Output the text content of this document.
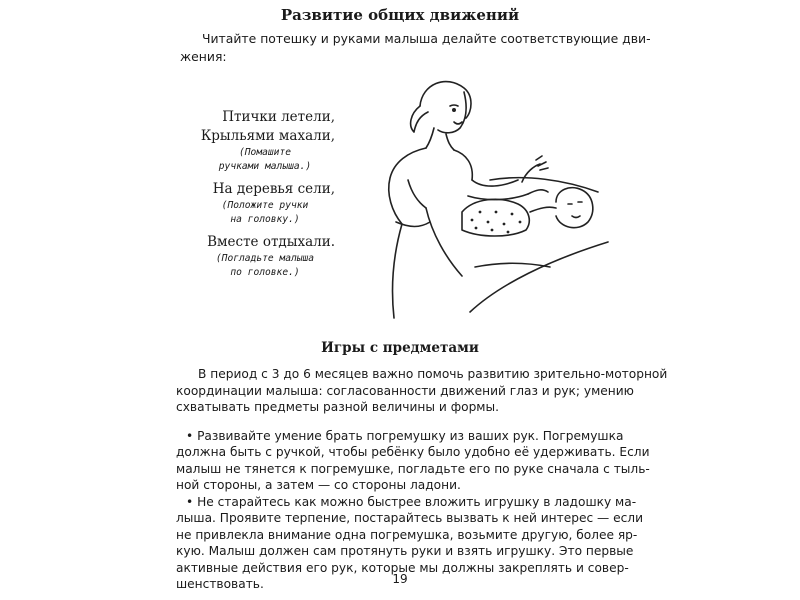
Развитие общих движений
Читайте потешку и руками малыша делайте соответствующие дви-
жения:
Птички летели,
Крыльями махали,
(Помашите
ручками малыша.)
На деревья сели,
(Положите ручки
на головку.)
Вместе отдыхали.
(Погладьте малыша
по головке.)
Игры с предметами
В период с 3 до 6 месяцев важно помочь развитию зрительно-моторной
координации малыша: согласованности движений глаз и рук; умению
схватывать предметы разной величины и формы.
• Развивайте умение брать погремушку из ваших рук. Погремушка
должна быть с ручкой, чтобы ребёнку было удобно её удерживать. Если
малыш не тянется к погремушке, погладьте его по руке сначала с тыль-
ной стороны, а затем — со стороны ладони.
• Не старайтесь как можно быстрее вложить игрушку в ладошку ма-
лыша. Проявите терпение, постарайтесь вызвать к ней интерес — если
не привлекла внимание одна погремушка, возьмите другую, более яр-
кую. Малыш должен сам протянуть руки и взять игрушку. Это первые
активные действия его рук, которые мы должны закреплять и совер-
шенствовать.	19
